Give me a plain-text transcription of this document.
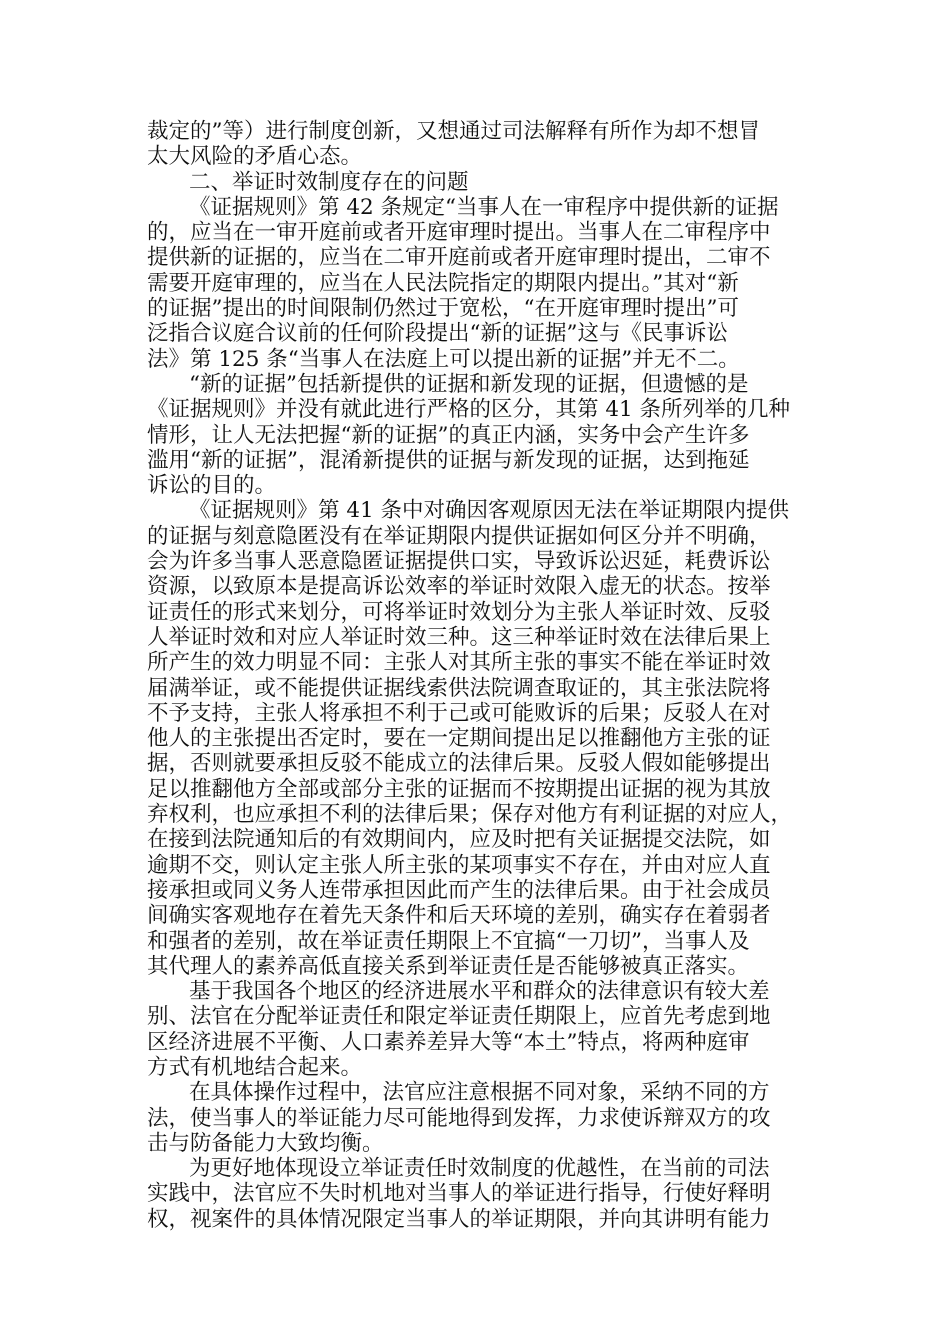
裁定的”等）进行制度创新，又想通过司法解释有所作为却不想冒
太大风险的矛盾心态。
二、举证时效制度存在的问题
《证据规则》第 42 条规定“当事人在一审程序中提供新的证据
的，应当在一审开庭前或者开庭审理时提出。当事人在二审程序中
提供新的证据的，应当在二审开庭前或者开庭审理时提出，二审不
需要开庭审理的，应当在人民法院指定的期限内提出。”其对“新
的证据”提出的时间限制仍然过于宽松，“在开庭审理时提出”可
泛指合议庭合议前的任何阶段提出“新的证据”这与《民事诉讼
法》第 125 条“当事人在法庭上可以提出新的证据”并无不二。
“新的证据”包括新提供的证据和新发现的证据，但遗憾的是
《证据规则》并没有就此进行严格的区分，其第 41 条所列举的几种
情形，让人无法把握“新的证据”的真正内涵，实务中会产生许多
滥用“新的证据”，混淆新提供的证据与新发现的证据，达到拖延
诉讼的目的。
《证据规则》第 41 条中对确因客观原因无法在举证期限内提供
的证据与刻意隐匿没有在举证期限内提供证据如何区分并不明确，
会为许多当事人恶意隐匿证据提供口实，导致诉讼迟延，耗费诉讼
资源，以致原本是提高诉讼效率的举证时效限入虚无的状态。按举
证责任的形式来划分，可将举证时效划分为主张人举证时效、反驳
人举证时效和对应人举证时效三种。这三种举证时效在法律后果上
所产生的效力明显不同：主张人对其所主张的事实不能在举证时效
届满举证，或不能提供证据线索供法院调查取证的，其主张法院将
不予支持，主张人将承担不利于己或可能败诉的后果；反驳人在对
他人的主张提出否定时，要在一定期间提出足以推翻他方主张的证
据，否则就要承担反驳不能成立的法律后果。反驳人假如能够提出
足以推翻他方全部或部分主张的证据而不按期提出证据的视为其放
弃权利，也应承担不利的法律后果；保存对他方有利证据的对应人，
在接到法院通知后的有效期间内，应及时把有关证据提交法院，如
逾期不交，则认定主张人所主张的某项事实不存在，并由对应人直
接承担或同义务人连带承担因此而产生的法律后果。由于社会成员
间确实客观地存在着先天条件和后天环境的差别，确实存在着弱者
和强者的差别，故在举证责任期限上不宜搞“一刀切”，当事人及
其代理人的素养高低直接关系到举证责任是否能够被真正落实。
基于我国各个地区的经济进展水平和群众的法律意识有较大差
别、法官在分配举证责任和限定举证责任期限上，应首先考虑到地
区经济进展不平衡、人口素养差异大等“本土”特点，将两种庭审
方式有机地结合起来。
在具体操作过程中，法官应注意根据不同对象，采纳不同的方
法，使当事人的举证能力尽可能地得到发挥，力求使诉辩双方的攻
击与防备能力大致均衡。
为更好地体现设立举证责任时效制度的优越性，在当前的司法
实践中，法官应不失时机地对当事人的举证进行指导，行使好释明
权，视案件的具体情况限定当事人的举证期限，并向其讲明有能力
